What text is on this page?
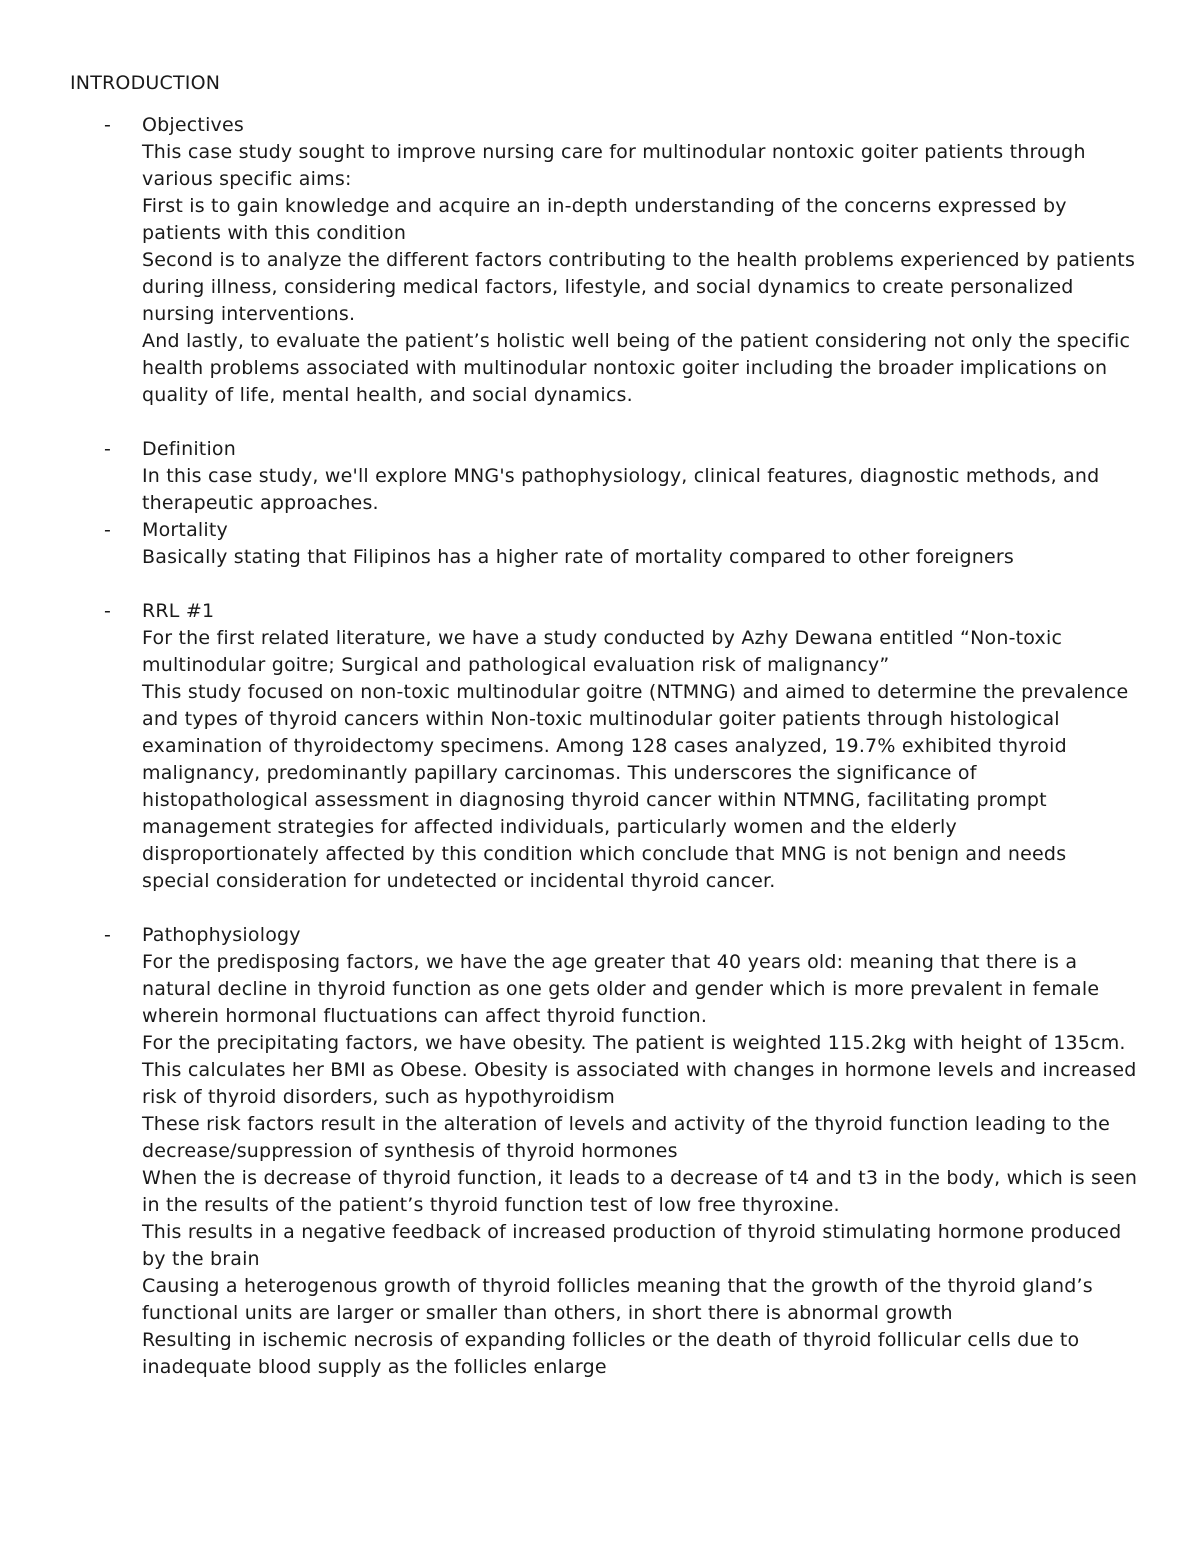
INTRODUCTION
- Objectives

This case study sought to improve nursing care for multinodular nontoxic goiter patients through various specific aims:

First is to gain knowledge and acquire an in-depth understanding of the concerns expressed by patients with this condition

Second is to analyze the different factors contributing to the health problems experienced by patients during illness, considering medical factors, lifestyle, and social dynamics to create personalized nursing interventions.

And lastly, to evaluate the patient’s holistic well being of the patient considering not only the specific health problems associated with multinodular nontoxic goiter including the broader implications on quality of life, mental health, and social dynamics.

- Definition

In this case study, we'll explore MNG's pathophysiology, clinical features, diagnostic methods, and therapeutic approaches.

- Mortality

Basically stating that Filipinos has a higher rate of mortality compared to other foreigners

- RRL #1

For the first related literature, we have a study conducted by Azhy Dewana entitled “Non-toxic multinodular goitre; Surgical and pathological evaluation risk of malignancy”

This study focused on non-toxic multinodular goitre (NTMNG) and aimed to determine the prevalence and types of thyroid cancers within Non-toxic multinodular goiter patients through histological examination of thyroidectomy specimens. Among 128 cases analyzed, 19.7% exhibited thyroid malignancy, predominantly papillary carcinomas. This underscores the significance of histopathological assessment in diagnosing thyroid cancer within NTMNG, facilitating prompt management strategies for affected individuals, particularly women and the elderly disproportionately affected by this condition which conclude that MNG is not benign and needs special consideration for undetected or incidental thyroid cancer.

- Pathophysiology

For the predisposing factors, we have the age greater that 40 years old: meaning that there is a natural decline in thyroid function as one gets older and gender which is more prevalent in female wherein hormonal fluctuations can affect thyroid function.

For the precipitating factors, we have obesity. The patient is weighted 115.2kg with height of 135cm. This calculates her BMI as Obese. Obesity is associated with changes in hormone levels and increased risk of thyroid disorders, such as hypothyroidism

These risk factors result in the alteration of levels and activity of the thyroid function leading to the decrease/suppression of synthesis of thyroid hormones

When the is decrease of thyroid function, it leads to a decrease of t4 and t3 in the body, which is seen in the results of the patient’s thyroid function test of low free thyroxine.

This results in a negative feedback of increased production of thyroid stimulating hormone produced by the brain

Causing a heterogenous growth of thyroid follicles meaning that the growth of the thyroid gland’s functional units are larger or smaller than others, in short there is abnormal growth

Resulting in ischemic necrosis of expanding follicles or the death of thyroid follicular cells due to inadequate blood supply as the follicles enlarge
